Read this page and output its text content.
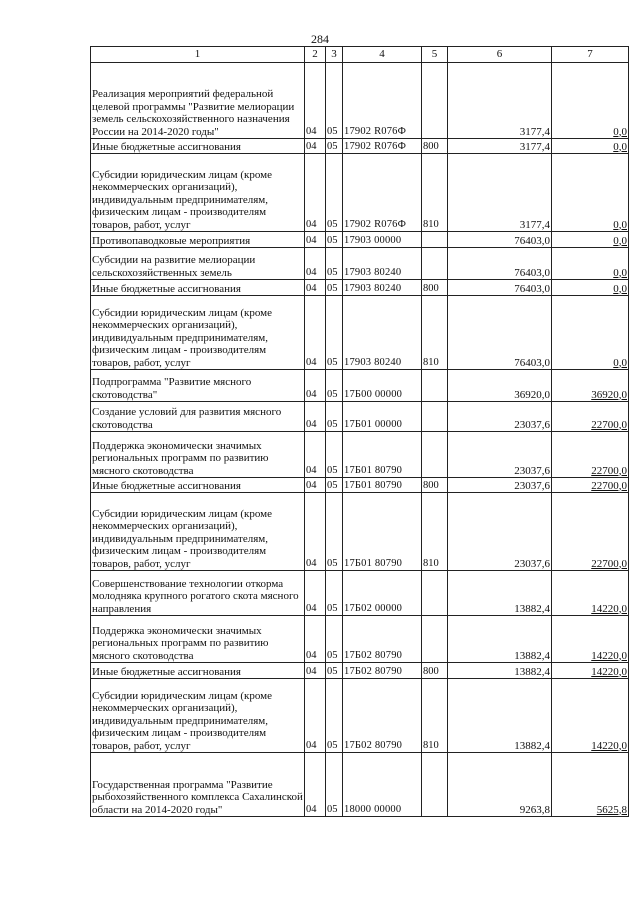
284
1	2	3	4	5	6	7
Реализация мероприятий федеральной целевой программы "Развитие мелиорации земель сельскохозяйственного назначения России на 2014-2020 годы"	04	05	17902 R076Ф		3177,4	0,0
Иные бюджетные ассигнования	04	05	17902 R076Ф	800	3177,4	0,0
Субсидии юридическим лицам (кроме некоммерческих организаций), индивидуальным предпринимателям, физическим лицам - производителям товаров, работ, услуг	04	05	17902 R076Ф	810	3177,4	0,0
Противопаводковые мероприятия	04	05	17903 00000		76403,0	0,0
Субсидии на развитие мелиорации сельскохозяйственных земель	04	05	17903 80240		76403,0	0,0
Иные бюджетные ассигнования	04	05	17903 80240	800	76403,0	0,0
Субсидии юридическим лицам (кроме некоммерческих организаций), индивидуальным предпринимателям, физическим лицам - производителям товаров, работ, услуг	04	05	17903 80240	810	76403,0	0,0
Подпрограмма "Развитие мясного скотоводства"	04	05	17Б00 00000		36920,0	36920,0
Создание условий для развития мясного скотоводства	04	05	17Б01 00000		23037,6	22700,0
Поддержка экономически значимых региональных программ по развитию мясного скотоводства	04	05	17Б01 80790		23037,6	22700,0
Иные бюджетные ассигнования	04	05	17Б01 80790	800	23037,6	22700,0
Субсидии юридическим лицам (кроме некоммерческих организаций), индивидуальным предпринимателям, физическим лицам - производителям товаров, работ, услуг	04	05	17Б01 80790	810	23037,6	22700,0
Совершенствование технологии откорма молодняка крупного рогатого скота мясного направления	04	05	17Б02 00000		13882,4	14220,0
Поддержка экономически значимых региональных программ по развитию мясного скотоводства	04	05	17Б02 80790		13882,4	14220,0
Иные бюджетные ассигнования	04	05	17Б02 80790	800	13882,4	14220,0
Субсидии юридическим лицам (кроме некоммерческих организаций), индивидуальным предпринимателям, физическим лицам - производителям товаров, работ, услуг	04	05	17Б02 80790	810	13882,4	14220,0
Государственная программа "Развитие рыбохозяйственного комплекса Сахалинской области на 2014-2020 годы"	04	05	18000 00000		9263,8	5625,8
